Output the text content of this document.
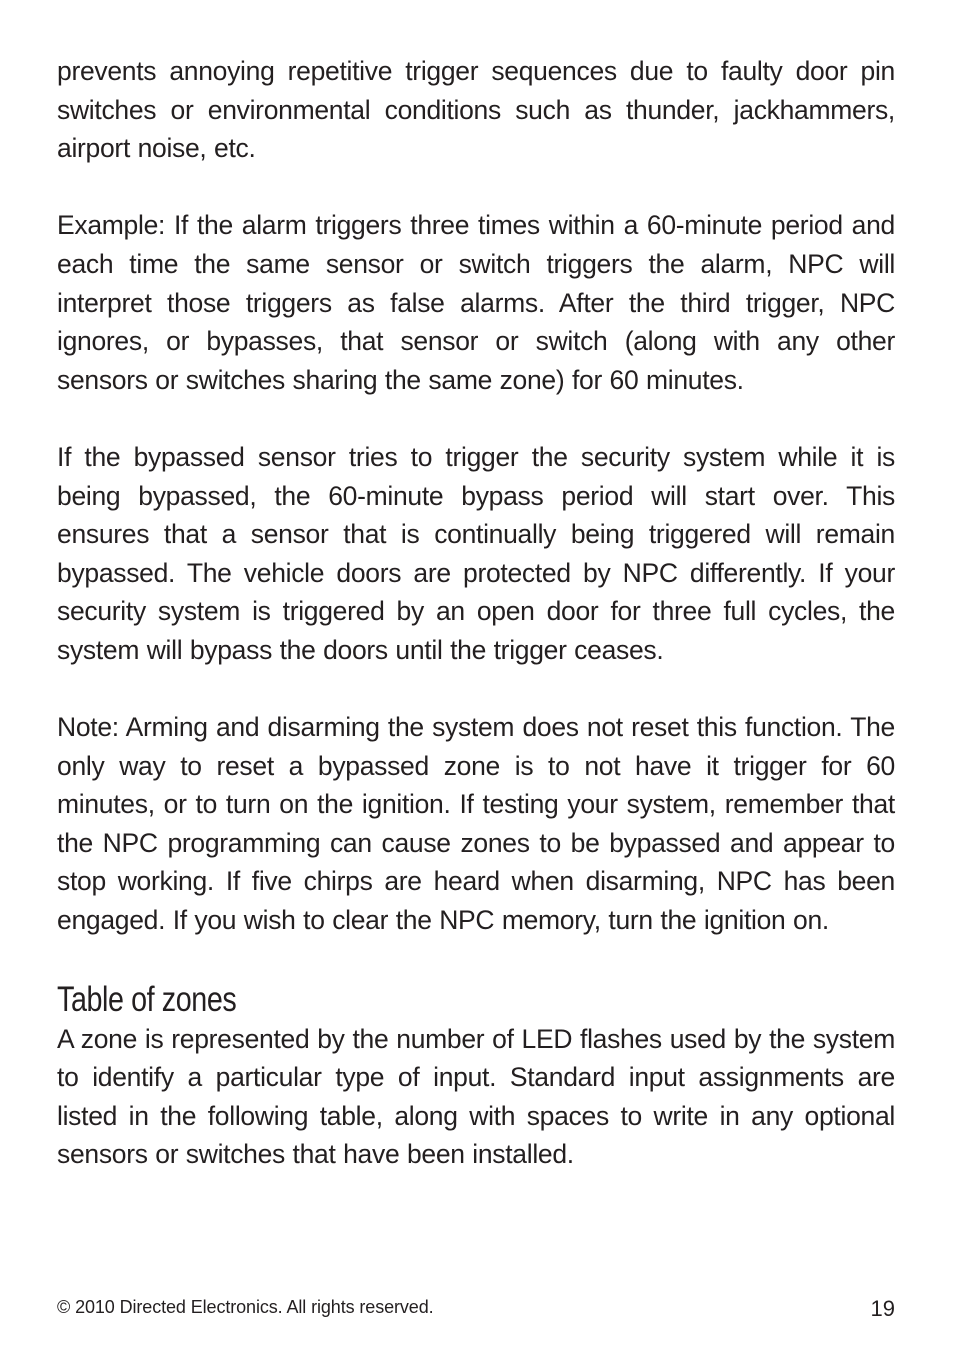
prevents annoying repetitive trigger sequences due to faulty door pin switches or environmental conditions such as thunder, jackhammers, airport noise, etc.

Example: If the alarm triggers three times within a 60-minute period and each time the same sensor or switch triggers the alarm, NPC will interpret those triggers as false alarms. After the third trigger, NPC ignores, or bypasses, that sensor or switch (along with any other sensors or switches sharing the same zone) for 60 minutes.

If the bypassed sensor tries to trigger the security system while it is being bypassed, the 60-minute bypass period will start over. This ensures that a sensor that is continually being triggered will remain bypassed. The vehicle doors are protected by NPC differently. If your security system is triggered by an open door for three full cycles, the system will bypass the doors until the trigger ceases.

Note: Arming and disarming the system does not reset this function. The only way to reset a bypassed zone is to not have it trigger for 60 minutes, or to turn on the ignition. If testing your system, remember that the NPC programming can cause zones to be bypassed and appear to stop working. If five chirps are heard when disarming, NPC has been engaged. If you wish to clear the NPC memory, turn the ignition on.

Table of zones

A zone is represented by the number of LED flashes used by the system to identify a particular type of input. Standard input assignments are listed in the following table, along with spaces to write in any optional sensors or switches that have been installed.

© 2010 Directed Electronics. All rights reserved.	19
